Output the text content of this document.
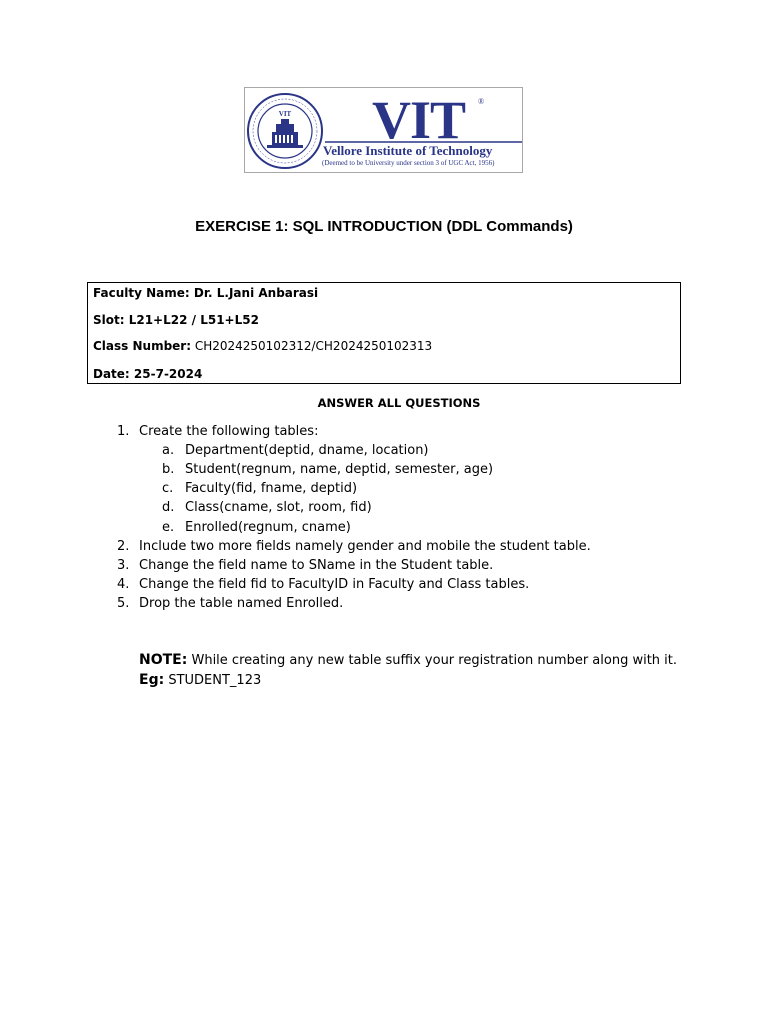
VIT VIT	®
Vellore Institute of Technology
(Deemed to be University under section 3 of UGC Act, 1956)
EXERCISE 1: SQL INTRODUCTION (DDL Commands)
Faculty Name: Dr. L.Jani Anbarasi
Slot: L21+L22 / L51+L52
Class Number: CH2024250102312/CH2024250102313
Date: 25-7-2024
ANSWER ALL QUESTIONS
1. Create the following tables:
a. Department(deptid, dname, location)
b. Student(regnum, name, deptid, semester, age)
c. Faculty(fid, fname, deptid)
d. Class(cname, slot, room, fid)
e. Enrolled(regnum, cname)
2. Include two more fields namely gender and mobile the student table.
3. Change the field name to SName in the Student table.
4. Change the field fid to FacultyID in Faculty and Class tables.
5. Drop the table named Enrolled.
NOTE: While creating any new table suffix your registration number along with it.
Eg: STUDENT_123
